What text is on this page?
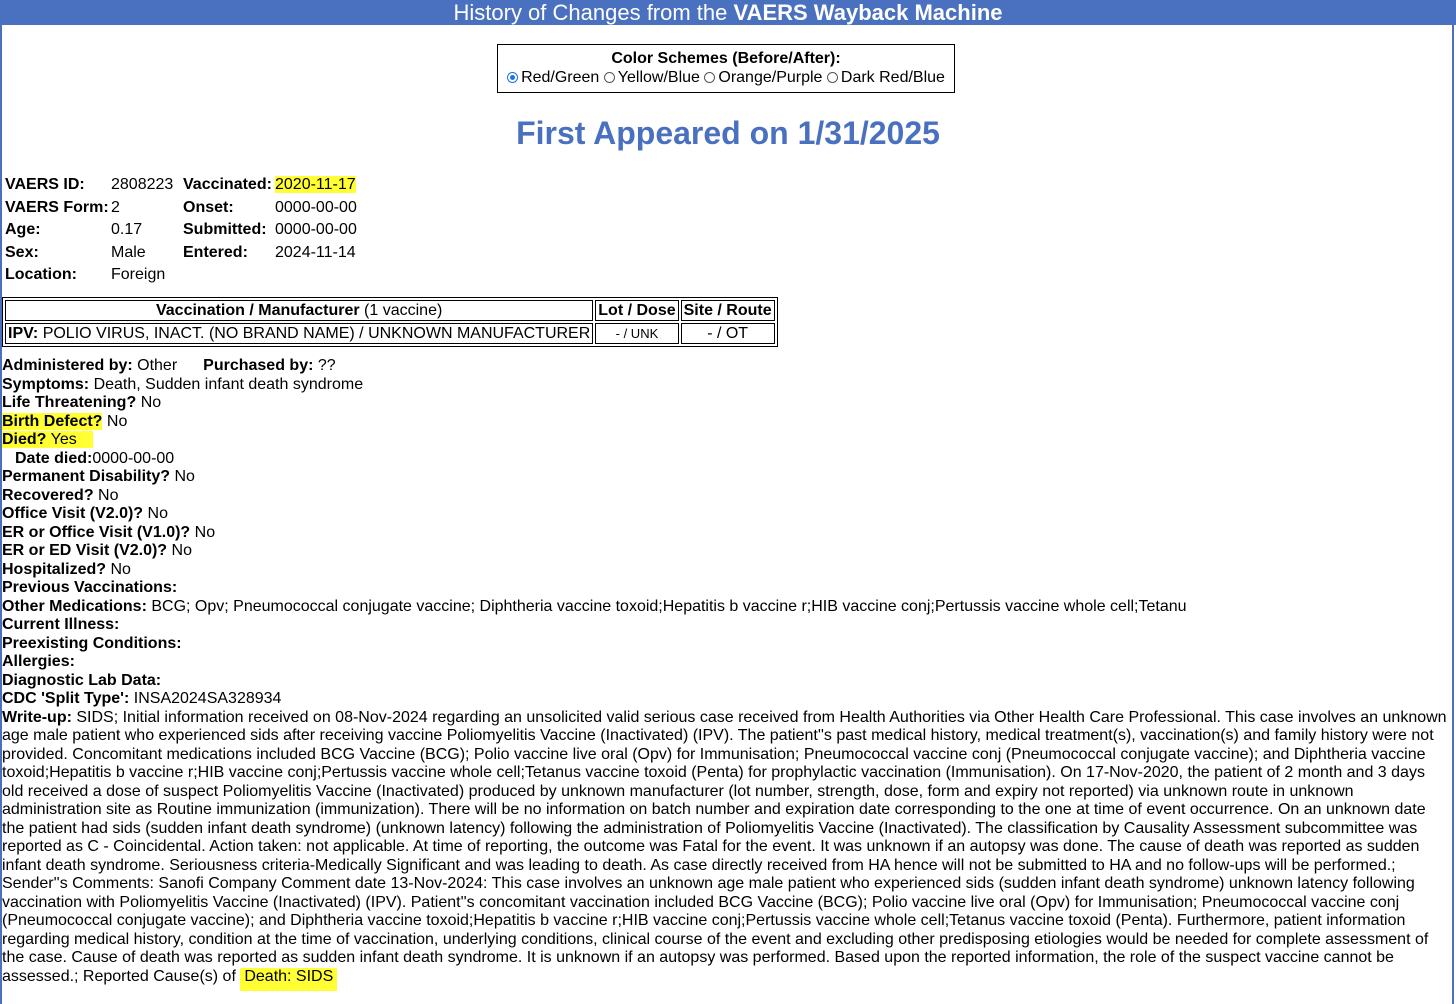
History of Changes from the VAERS Wayback Machine
Color Schemes (Before/After):
Red/Green Yellow/Blue Orange/Purple Dark Red/Blue
First Appeared on 1/31/2025
VAERS ID:	2808223	Vaccinated:	2020-11-17
VAERS Form:	2	Onset:	0000-00-00
Age:	0.17	Submitted:	0000-00-00
Sex:	Male	Entered:	2024-11-14
Location:	Foreign		
Vaccination / Manufacturer (1 vaccine)	Lot / Dose	Site / Route
IPV: POLIO VIRUS, INACT. (NO BRAND NAME) / UNKNOWN MANUFACTURER	- / UNK	- / OT
Administered by: Other Purchased by: ??
Symptoms: Death, Sudden infant death syndrome
Life Threatening? No
Birth Defect? No
Died? Yes
Date died:0000-00-00
Permanent Disability? No
Recovered? No
Office Visit (V2.0)? No
ER or Office Visit (V1.0)? No
ER or ED Visit (V2.0)? No
Hospitalized? No
Previous Vaccinations:
Other Medications: BCG; Opv; Pneumococcal conjugate vaccine; Diphtheria vaccine toxoid;Hepatitis b vaccine r;HIB vaccine conj;Pertussis vaccine whole cell;Tetanu
Current Illness:
Preexisting Conditions:
Allergies:
Diagnostic Lab Data:
CDC 'Split Type': INSA2024SA328934
Write-up: SIDS; Initial information received on 08-Nov-2024 regarding an unsolicited valid serious case received from Health Authorities via Other Health Care Professional. This case involves an unknown age male patient who experienced sids after receiving vaccine Poliomyelitis Vaccine (Inactivated) (IPV). The patient''s past medical history, medical treatment(s), vaccination(s) and family history were not provided. Concomitant medications included BCG Vaccine (BCG); Polio vaccine live oral (Opv) for Immunisation; Pneumococcal vaccine conj (Pneumococcal conjugate vaccine); and Diphtheria vaccine toxoid;Hepatitis b vaccine r;HIB vaccine conj;Pertussis vaccine whole cell;Tetanus vaccine toxoid (Penta) for prophylactic vaccination (Immunisation). On 17-Nov-2020, the patient of 2 month and 3 days old received a dose of suspect Poliomyelitis Vaccine (Inactivated) produced by unknown manufacturer (lot number, strength, dose, form and expiry not reported) via unknown route in unknown administration site as Routine immunization (immunization). There will be no information on batch number and expiration date corresponding to the one at time of event occurrence. On an unknown date the patient had sids (sudden infant death syndrome) (unknown latency) following the administration of Poliomyelitis Vaccine (Inactivated). The classification by Causality Assessment subcommittee was reported as C - Coincidental. Action taken: not applicable. At time of reporting, the outcome was Fatal for the event. It was unknown if an autopsy was done. The cause of death was reported as sudden infant death syndrome. Seriousness criteria-Medically Significant and was leading to death. As case directly received from HA hence will not be submitted to HA and no follow-ups will be performed.; Sender''s Comments: Sanofi Company Comment date 13-Nov-2024: This case involves an unknown age male patient who experienced sids (sudden infant death syndrome) unknown latency following vaccination with Poliomyelitis Vaccine (Inactivated) (IPV). Patient''s concomitant vaccination included BCG Vaccine (BCG); Polio vaccine live oral (Opv) for Immunisation; Pneumococcal vaccine conj (Pneumococcal conjugate vaccine); and Diphtheria vaccine toxoid;Hepatitis b vaccine r;HIB vaccine conj;Pertussis vaccine whole cell;Tetanus vaccine toxoid (Penta). Furthermore, patient information regarding medical history, condition at the time of vaccination, underlying conditions, clinical course of the event and excluding other predisposing etiologies would be needed for complete assessment of the case. Cause of death was reported as sudden infant death syndrome. It is unknown if an autopsy was performed. Based upon the reported information, the role of the suspect vaccine cannot be assessed.; Reported Cause(s) of Death: SIDS
